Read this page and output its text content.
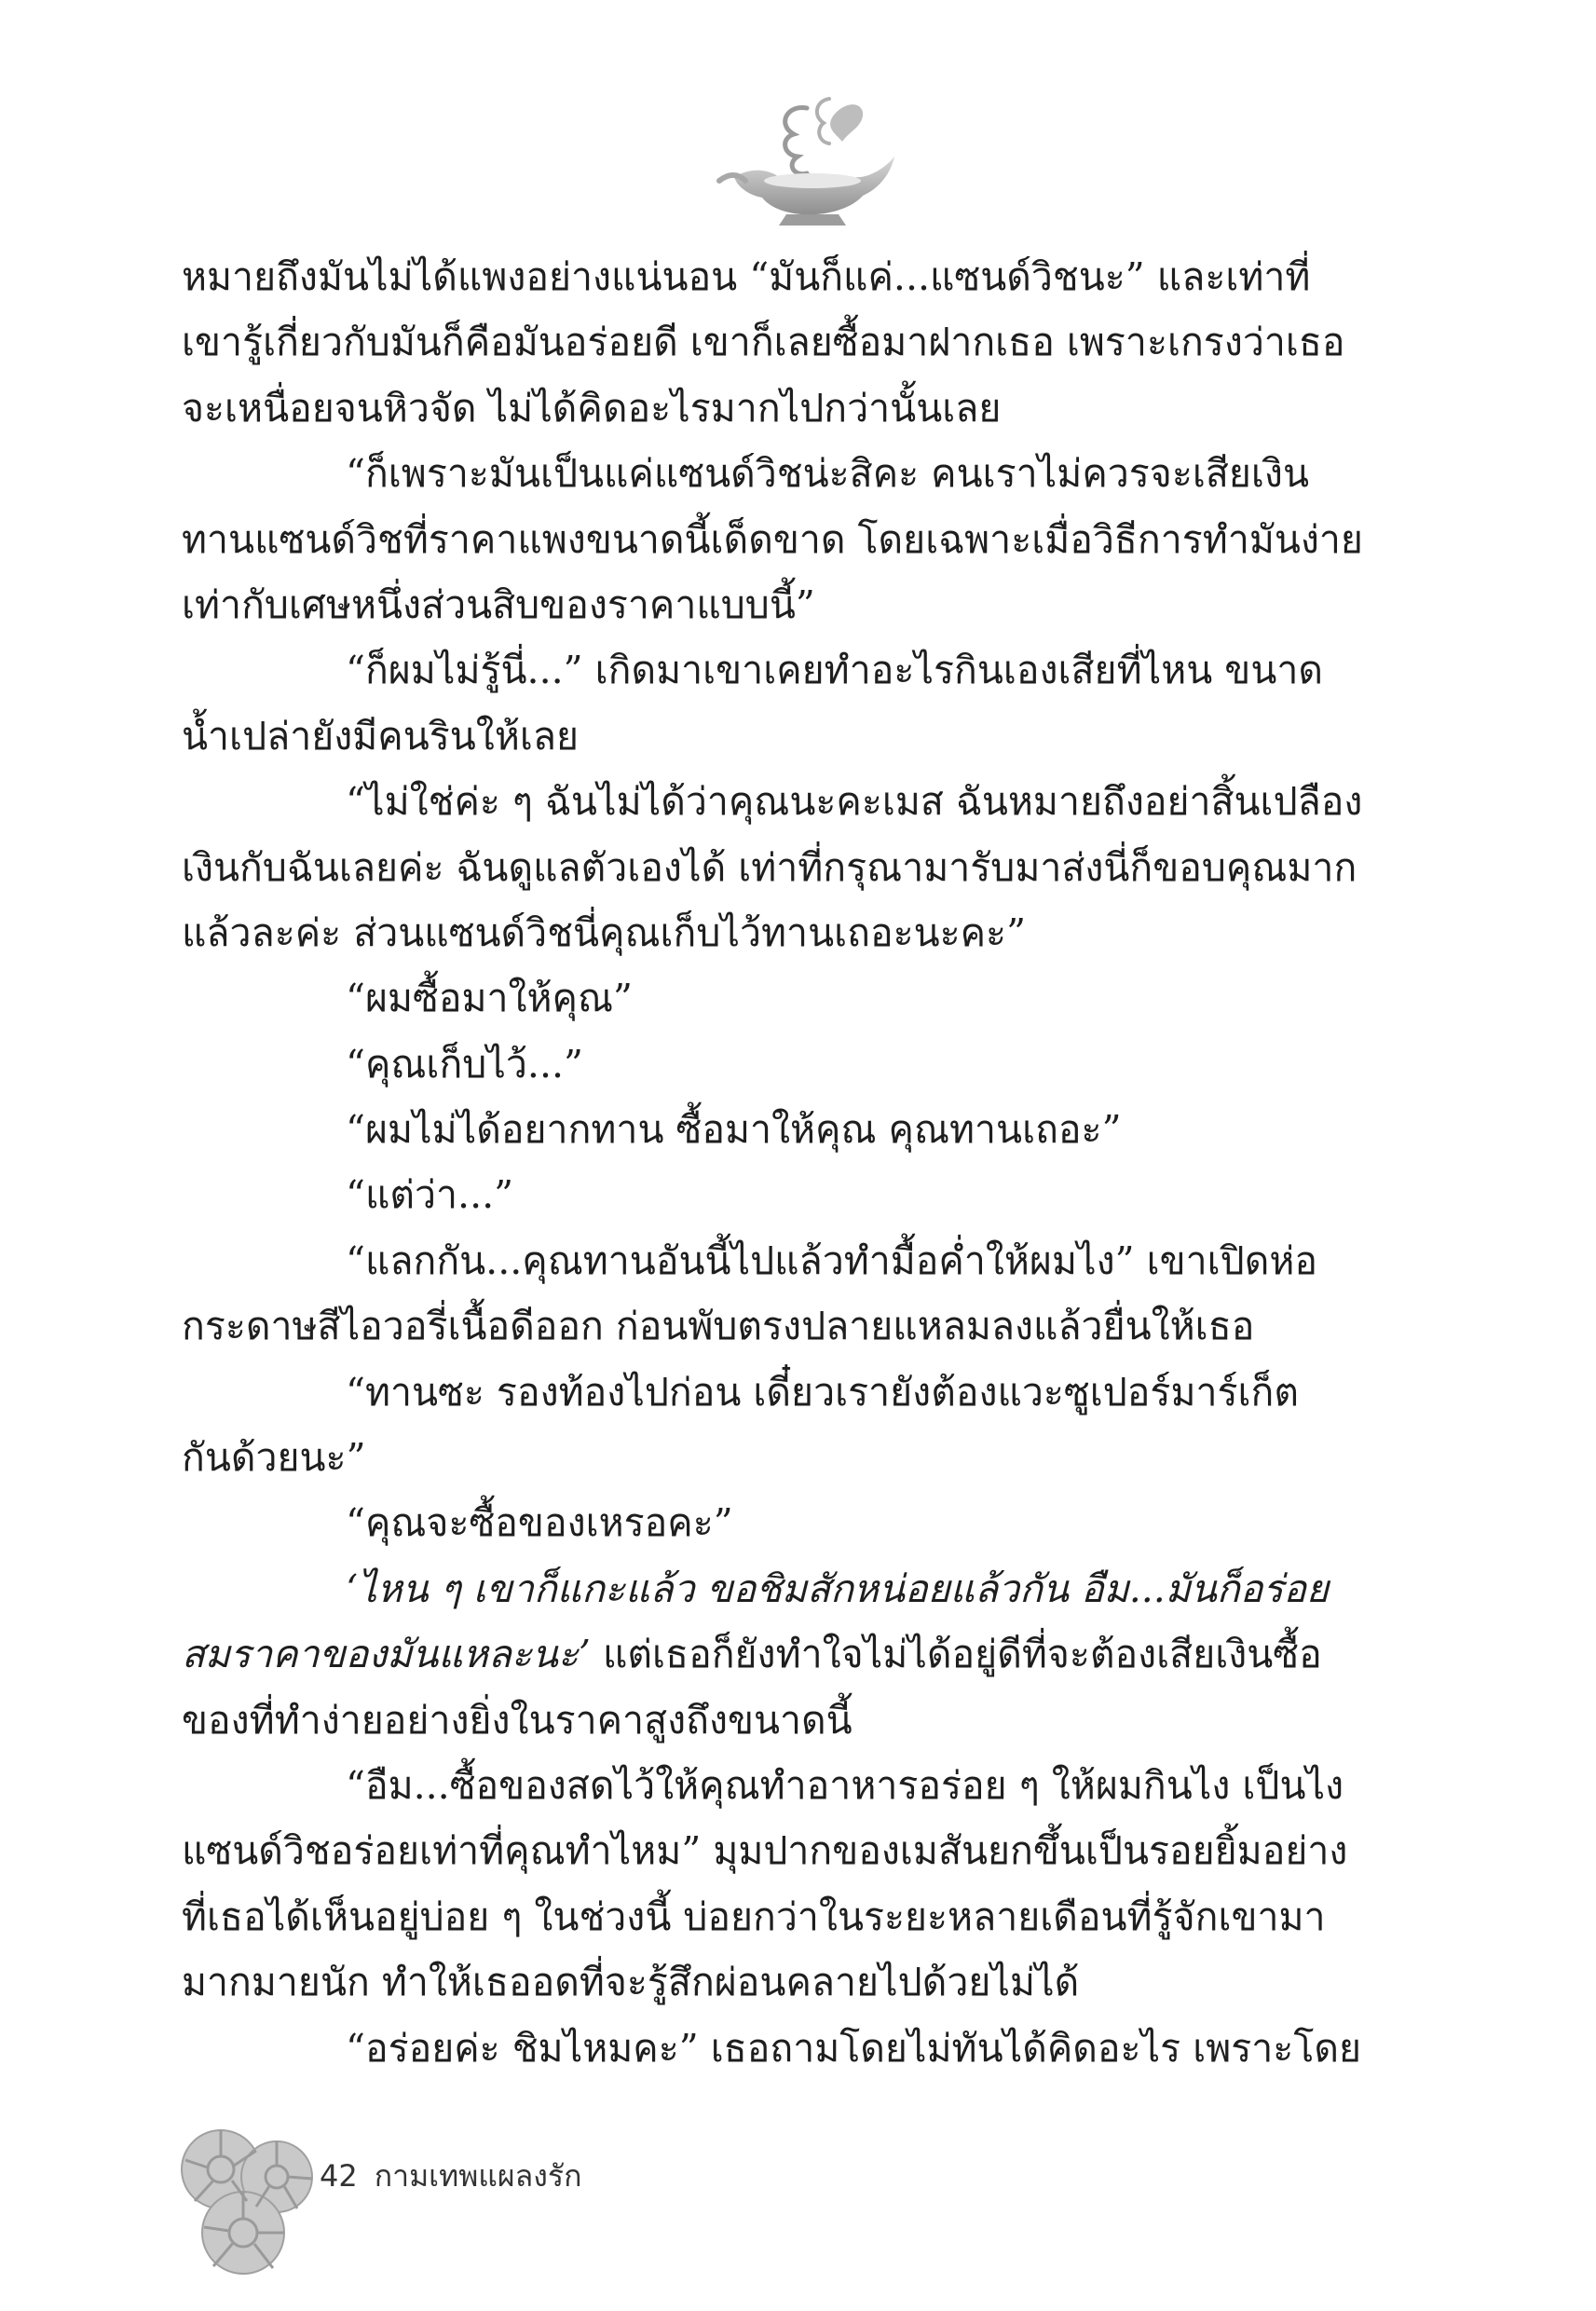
หมายถึงมันไม่ได้แพงอย่างแน่นอน “มันก็แค่...แซนด์วิชนะ” และเท่าที่
เขารู้เกี่ยวกับมันก็คือมันอร่อยดี เขาก็เลยซื้อมาฝากเธอ เพราะเกรงว่าเธอ
จะเหนื่อยจนหิวจัด ไม่ได้คิดอะไรมากไปกว่านั้นเลย
“ก็เพราะมันเป็นแค่แซนด์วิชน่ะสิคะ คนเราไม่ควรจะเสียเงิน
ทานแซนด์วิชที่ราคาแพงขนาดนี้เด็ดขาด โดยเฉพาะเมื่อวิธีการทำมันง่าย
เท่ากับเศษหนึ่งส่วนสิบของราคาแบบนี้”
“ก็ผมไม่รู้นี่...” เกิดมาเขาเคยทำอะไรกินเองเสียที่ไหน ขนาด
น้ำเปล่ายังมีคนรินให้เลย
“ไม่ใช่ค่ะ ๆ ฉันไม่ได้ว่าคุณนะคะเมส ฉันหมายถึงอย่าสิ้นเปลือง
เงินกับฉันเลยค่ะ ฉันดูแลตัวเองได้ เท่าที่กรุณามารับมาส่งนี่ก็ขอบคุณมาก
แล้วละค่ะ ส่วนแซนด์วิชนี่คุณเก็บไว้ทานเถอะนะคะ”
“ผมซื้อมาให้คุณ”
“คุณเก็บไว้...”
“ผมไม่ได้อยากทาน ซื้อมาให้คุณ คุณทานเถอะ”
“แต่ว่า...”
“แลกกัน...คุณทานอันนี้ไปแล้วทำมื้อค่ำให้ผมไง” เขาเปิดห่อ
กระดาษสีไอวอรี่เนื้อดีออก ก่อนพับตรงปลายแหลมลงแล้วยื่นให้เธอ
“ทานซะ รองท้องไปก่อน เดี๋ยวเรายังต้องแวะซูเปอร์มาร์เก็ต
กันด้วยนะ”
“คุณจะซื้อของเหรอคะ”
‘ไหน ๆ เขาก็แกะแล้ว ขอชิมสักหน่อยแล้วกัน อืม...มันก็อร่อย
สมราคาของมันแหละนะ’ แต่เธอก็ยังทำใจไม่ได้อยู่ดีที่จะต้องเสียเงินซื้อ
ของที่ทำง่ายอย่างยิ่งในราคาสูงถึงขนาดนี้
“อืม...ซื้อของสดไว้ให้คุณทำอาหารอร่อย ๆ ให้ผมกินไง เป็นไง
แซนด์วิชอร่อยเท่าที่คุณทำไหม” มุมปากของเมสันยกขึ้นเป็นรอยยิ้มอย่าง
ที่เธอได้เห็นอยู่บ่อย ๆ ในช่วงนี้ บ่อยกว่าในระยะหลายเดือนที่รู้จักเขามา
มากมายนัก ทำให้เธออดที่จะรู้สึกผ่อนคลายไปด้วยไม่ได้
“อร่อยค่ะ ชิมไหมคะ” เธอถามโดยไม่ทันได้คิดอะไร เพราะโดย
42 กามเทพแผลงรัก
